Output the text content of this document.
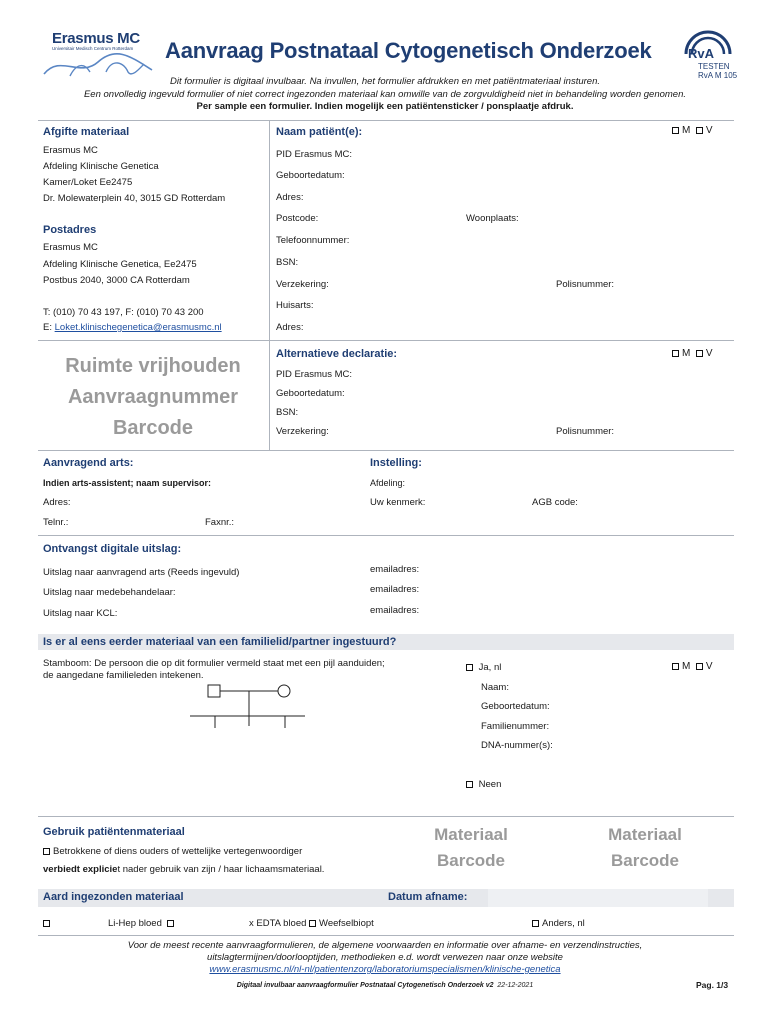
Erasmus MC
Universitair Medisch Centrum Rotterdam Aanvraag Postnataal Cytogenetisch Onderzoek	RvA
TESTEN
RvA M 105
Dit formulier is digitaal invulbaar. Na invullen, het formulier afdrukken en met patiëntmateriaal insturen.
Een onvolledig ingevuld formulier of niet correct ingezonden materiaal kan omwille van de zorgvuldigheid niet in behandeling worden genomen.
Per sample een formulier. Indien mogelijk een patiëntensticker / ponsplaatje afdruk.
Afgifte materiaal
Erasmus MC
Afdeling Klinische Genetica
Kamer/Loket Ee2475
Dr. Molewaterplein 40, 3015 GD Rotterdam
Postadres
Erasmus MC
Afdeling Klinische Genetica, Ee2475
Postbus 2040, 3000 CA Rotterdam
T: (010) 70 43 197, F: (010) 70 43 200
E: Loket.klinischegenetica@erasmusmc.nl
Ruimte vrijhouden
Aanvraagnummer
Barcode
Naam patiënt(e):	M V
PID Erasmus MC:
Geboortedatum:
Adres:
Postcode:	Woonplaats:
Telefoonnummer:
BSN:
Verzekering:	Polisnummer:
Huisarts:
Adres:
Alternatieve declaratie:	M V
PID Erasmus MC:
Geboortedatum:
BSN:
Verzekering:	Polisnummer:
Aanvragend arts:	Instelling:
Indien arts-assistent; naam supervisor:	Afdeling:
Adres:	Uw kenmerk:	AGB code:
Telnr.:	Faxnr.:
Ontvangst digitale uitslag:
Uitslag naar aanvragend arts (Reeds ingevuld)	emailadres:
Uitslag naar medebehandelaar:	emailadres:
Uitslag naar KCL:	emailadres:
Is er al eens eerder materiaal van een familielid/partner ingestuurd?
Stamboom: De persoon die op dit formulier vermeld staat met een pijl aanduiden;
de aangedane familieleden intekenen.
Ja, nl	M V
Naam:
Geboortedatum:
Familienummer:
DNA-nummer(s):
Neen
Gebruik patiëntenmateriaal
Betrokkene of diens ouders of wettelijke vertegenwoordiger
verbiedt expliciet nader gebruik van zijn / haar lichaamsmateriaal.
Materiaal
Barcode
Materiaal
Barcode
Aard ingezonden materiaal	Datum afname:
Li-Hep bloed	x EDTA bloed Weefselbiopt	Anders, nl
Voor de meest recente aanvraagformulieren, de algemene voorwaarden en informatie over afname- en verzendinstructies,
uitslagtermijnen/doorlooptijden, methodieken e.d. wordt verwezen naar onze website
www.erasmusmc.nl/nl-nl/patientenzorg/laboratoriumspecialismen/klinische-genetica
Digitaal invulbaar aanvraagformulier Postnataal Cytogenetisch Onderzoek v2 22-12-2021	Pag. 1/3
